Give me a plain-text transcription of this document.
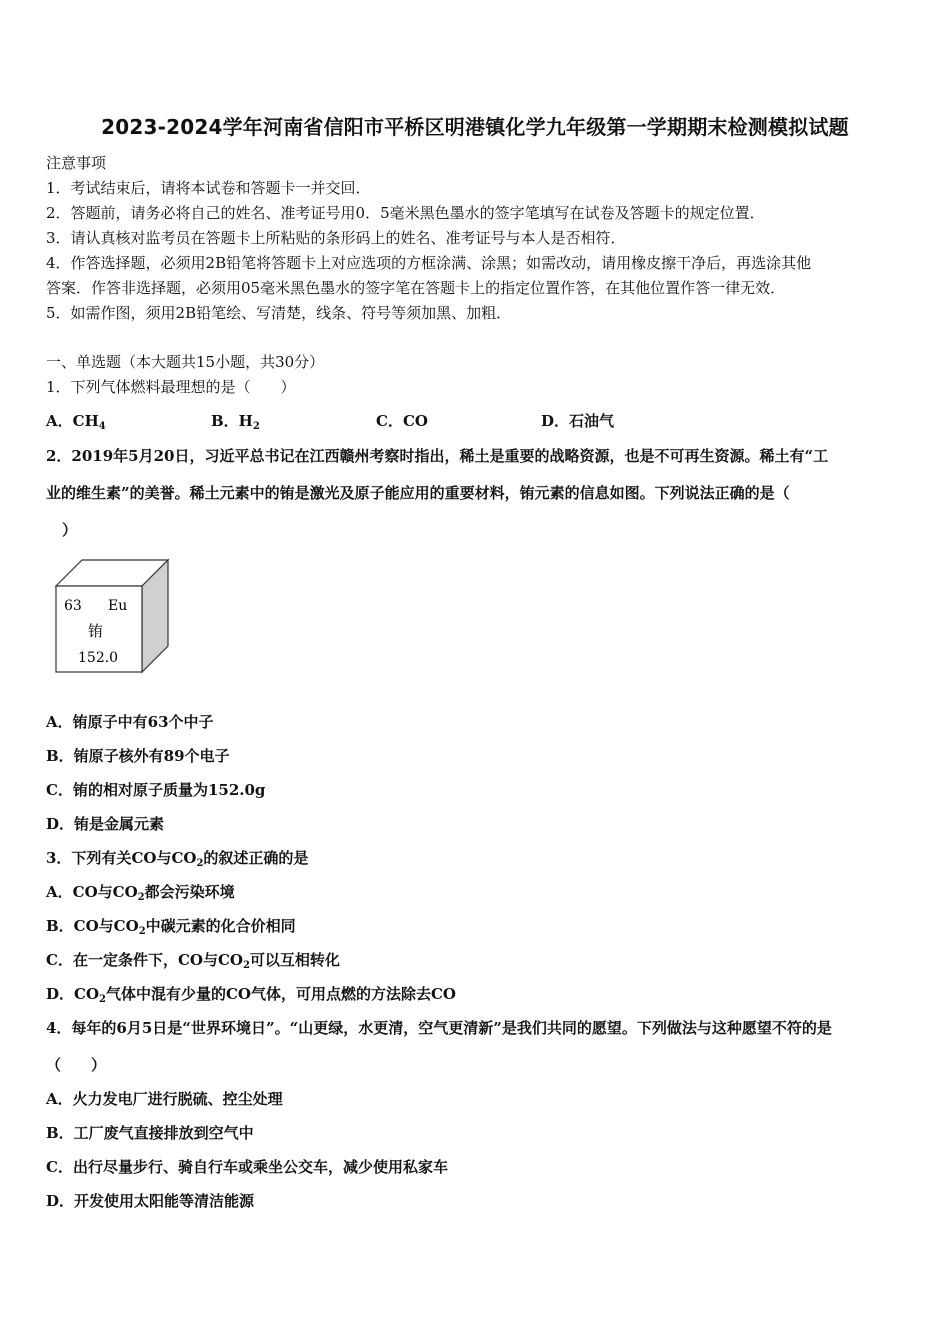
2023-2024学年河南省信阳市平桥区明港镇化学九年级第一学期期末检测模拟试题
注意事项
1．考试结束后，请将本试卷和答题卡一并交回．
2．答题前，请务必将自己的姓名、准考证号用0．5毫米黑色墨水的签字笔填写在试卷及答题卡的规定位置．
3．请认真核对监考员在答题卡上所粘贴的条形码上的姓名、准考证号与本人是否相符．
4．作答选择题，必须用2B铅笔将答题卡上对应选项的方框涂满、涂黑；如需改动，请用橡皮擦干净后，再选涂其他
答案．作答非选择题，必须用05毫米黑色墨水的签字笔在答题卡上的指定位置作答，在其他位置作答一律无效．
5．如需作图，须用2B铅笔绘、写清楚，线条、符号等须加黑、加粗．
一、单选题（本大题共15小题，共30分）
1．下列气体燃料最理想的是（　　）
A．$CH_4$	B．$H_2$	C．CO	D．石油气
2．2019年5月20日，习近平总书记在江西赣州考察时指出，稀土是重要的战略资源，也是不可再生资源。稀土有“工
业的维生素”的美誉。稀土元素中的铕是激光及原子能应用的重要材料，铕元素的信息如图。下列说法正确的是（
）
63 Eu
铕
152.0
A．铕原子中有63个中子
B．铕原子核外有89个电子
C．铕的相对原子质量为152.0g
D．铕是金属元素
3．下列有关CO与$CO_2$的叙述正确的是
A．CO与$CO_2$都会污染环境
B．CO与$CO_2$中碳元素的化合价相同
C．在一定条件下，CO与$CO_2$可以互相转化
D．$CO_2$气体中混有少量的CO气体，可用点燃的方法除去CO
4．每年的6月5日是“世界环境日”。“山更绿，水更清，空气更清新”是我们共同的愿望。下列做法与这种愿望不符的是
（　　）
A．火力发电厂进行脱硫、控尘处理
B．工厂废气直接排放到空气中
C．出行尽量步行、骑自行车或乘坐公交车，减少使用私家车
D．开发使用太阳能等清洁能源
